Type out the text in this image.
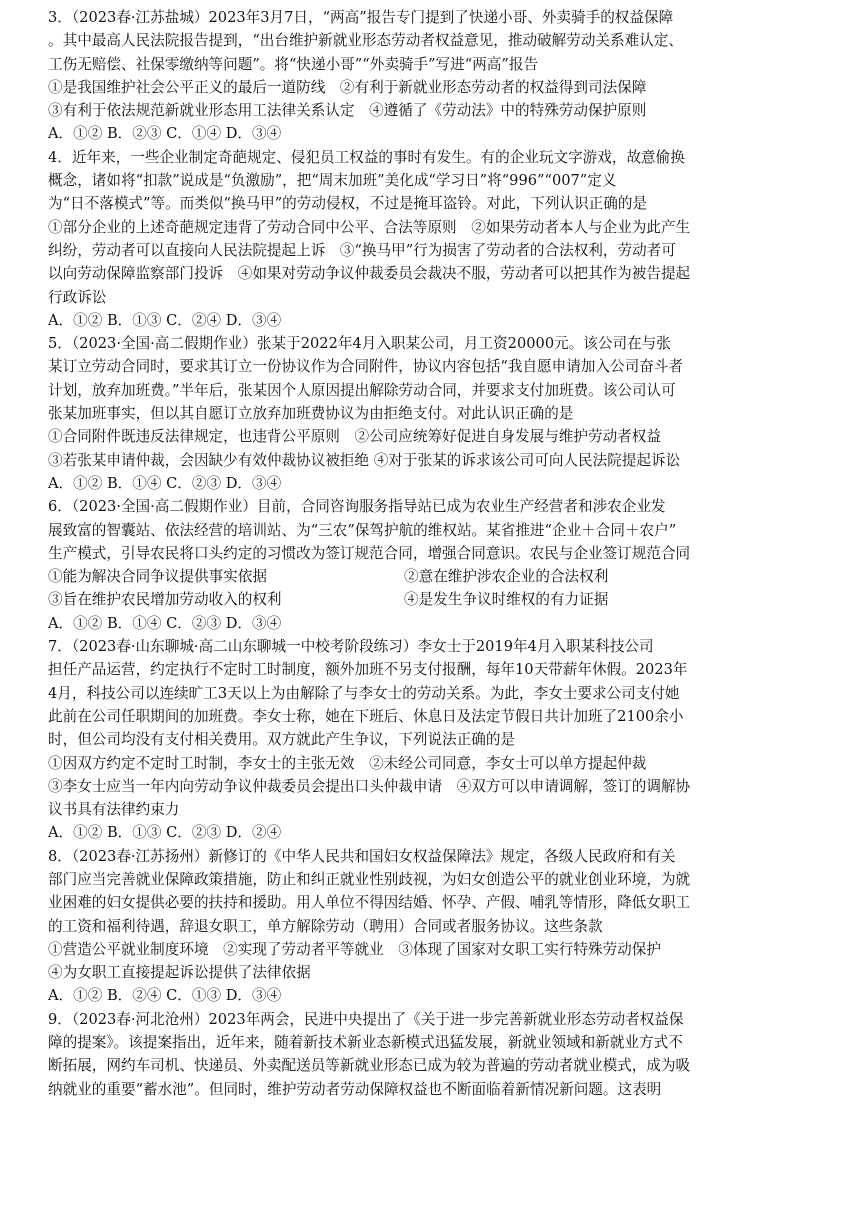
3．（2023春·江苏盐城）2023年3月7日，“两高”报告专门提到了快递小哥、外卖骑手的权益保障
。其中最高人民法院报告提到，“出台维护新就业形态劳动者权益意见，推动破解劳动关系难认定、
工伤无赔偿、社保零缴纳等问题”。将“快递小哥”“外卖骑手”写进“两高”报告
①是我国维护社会公平正义的最后一道防线　②有利于新就业形态劳动者的权益得到司法保障
③有利于依法规范新就业形态用工法律关系认定　④遵循了《劳动法》中的特殊劳动保护原则
A．①② B．②③ C．①④ D．③④
4．近年来，一些企业制定奇葩规定、侵犯员工权益的事时有发生。有的企业玩文字游戏，故意偷换
概念，诸如将“扣款”说成是“负激励”，把“周末加班”美化成“学习日”将“996”“007”定义
为“日不落模式”等。而类似“换马甲”的劳动侵权，不过是掩耳盗铃。对此，下列认识正确的是
①部分企业的上述奇葩规定违背了劳动合同中公平、合法等原则　②如果劳动者本人与企业为此产生
纠纷，劳动者可以直接向人民法院提起上诉　③“换马甲”行为损害了劳动者的合法权利，劳动者可
以向劳动保障监察部门投诉　④如果对劳动争议仲裁委员会裁决不服，劳动者可以把其作为被告提起
行政诉讼
A．①② B．①③ C．②④ D．③④
5．（2023·全国·高二假期作业）张某于2022年4月入职某公司，月工资20000元。该公司在与张
某订立劳动合同时，要求其订立一份协议作为合同附件，协议内容包括“我自愿申请加入公司奋斗者
计划，放弃加班费。”半年后，张某因个人原因提出解除劳动合同，并要求支付加班费。该公司认可
张某加班事实，但以其自愿订立放弃加班费协议为由拒绝支付。对此认识正确的是
①合同附件既违反法律规定，也违背公平原则　②公司应统筹好促进自身发展与维护劳动者权益
③若张某申请仲裁，会因缺少有效仲裁协议被拒绝 ④对于张某的诉求该公司可向人民法院提起诉讼
A．①② B．①④ C．②③ D．③④
6．（2023·全国·高二假期作业）目前，合同咨询服务指导站已成为农业生产经营者和涉农企业发
展致富的智囊站、依法经营的培训站、为“三农”保驾护航的维权站。某省推进“企业＋合同＋农户”
生产模式，引导农民将口头约定的习惯改为签订规范合同，增强合同意识。农民与企业签订规范合同
①能为解决合同争议提供事实依据	②意在维护涉农企业的合法权利
③旨在维护农民增加劳动收入的权利	④是发生争议时维权的有力证据
A．①② B．①④ C．②③ D．③④
7．（2023春·山东聊城·高二山东聊城一中校考阶段练习）李女士于2019年4月入职某科技公司
担任产品运营，约定执行不定时工时制度，额外加班不另支付报酬，每年10天带薪年休假。2023年
4月，科技公司以连续旷工3天以上为由解除了与李女士的劳动关系。为此，李女士要求公司支付她
此前在公司任职期间的加班费。李女士称，她在下班后、休息日及法定节假日共计加班了2100余小
时，但公司均没有支付相关费用。双方就此产生争议，下列说法正确的是
①因双方约定不定时工时制，李女士的主张无效　②未经公司同意，李女士可以单方提起仲裁
③李女士应当一年内向劳动争议仲裁委员会提出口头仲裁申请　④双方可以申请调解，签订的调解协
议书具有法律约束力
A．①② B．①③ C．②③ D．②④
8．（2023春·江苏扬州）新修订的《中华人民共和国妇女权益保障法》规定，各级人民政府和有关
部门应当完善就业保障政策措施，防止和纠正就业性别歧视，为妇女创造公平的就业创业环境，为就
业困难的妇女提供必要的扶持和援助。用人单位不得因结婚、怀孕、产假、哺乳等情形，降低女职工
的工资和福利待遇，辞退女职工，单方解除劳动（聘用）合同或者服务协议。这些条款
①营造公平就业制度环境　②实现了劳动者平等就业　③体现了国家对女职工实行特殊劳动保护
④为女职工直接提起诉讼提供了法律依据
A．①② B．②④ C．①③ D．③④
9．（2023春·河北沧州）2023年两会，民进中央提出了《关于进一步完善新就业形态劳动者权益保
障的提案》。该提案指出，近年来，随着新技术新业态新模式迅猛发展，新就业领域和新就业方式不
断拓展，网约车司机、快递员、外卖配送员等新就业形态已成为较为普遍的劳动者就业模式，成为吸
纳就业的重要“蓄水池”。但同时，维护劳动者劳动保障权益也不断面临着新情况新问题。这表明
